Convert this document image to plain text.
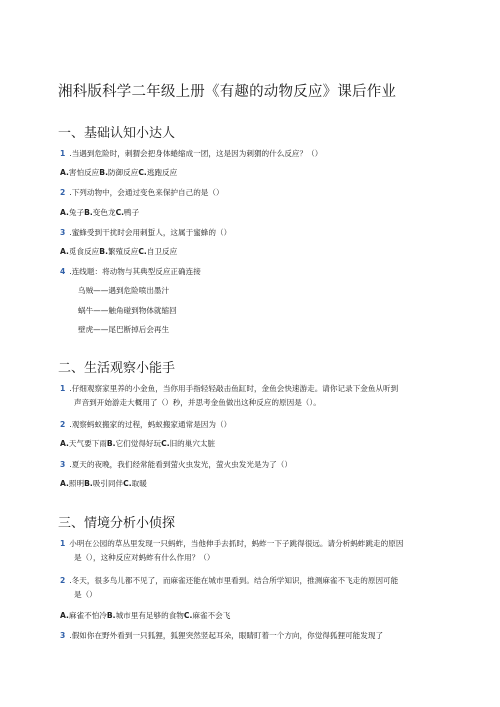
湘科版科学二年级上册《有趣的动物反应》课后作业
一、基础认知小达人
1 .当遇到危险时，刺猬会把身体蜷缩成一团，这是因为刺猬的什么反应？（）
A.害怕反应B.防御反应C.逃跑反应
2 .下列动物中，会通过变色来保护自己的是（）
A.兔子B.变色龙C.鸭子
3 .蜜蜂受到干扰时会用刺蜇人，这属于蜜蜂的（）
A.觅食反应B.繁殖反应C.自卫反应
4 .连线题：将动物与其典型反应正确连接
乌贼——遇到危险喷出墨汁
蜗牛——触角碰到物体就缩回
壁虎——尾巴断掉后会再生
二、生活观察小能手
1 .仔细观察家里养的小金鱼，当你用手指轻轻敲击鱼缸时，金鱼会快速游走。请你记录下金鱼从听到
声音到开始游走大概用了（）秒，并思考金鱼做出这种反应的原因是（）。
2 .观察蚂蚁搬家的过程，蚂蚁搬家通常是因为（）
A.天气要下雨B.它们觉得好玩C.旧的巢穴太脏
3 .夏天的夜晚，我们经常能看到萤火虫发光，萤火虫发光是为了（）
A.照明B.吸引同伴C.取暖
三、情境分析小侦探
1 小明在公园的草丛里发现一只蚂蚱，当他伸手去抓时，蚂蚱一下子跳得很远。请分析蚂蚱跳走的原因
是（），这种反应对蚂蚱有什么作用？（）
2 .冬天，很多鸟儿都不见了，而麻雀还能在城市里看到。结合所学知识，推测麻雀不飞走的原因可能
是（）
A.麻雀不怕冷B.城市里有足够的食物C.麻雀不会飞
3 .假如你在野外看到一只狐狸，狐狸突然竖起耳朵，眼睛盯着一个方向，你觉得狐狸可能发现了
